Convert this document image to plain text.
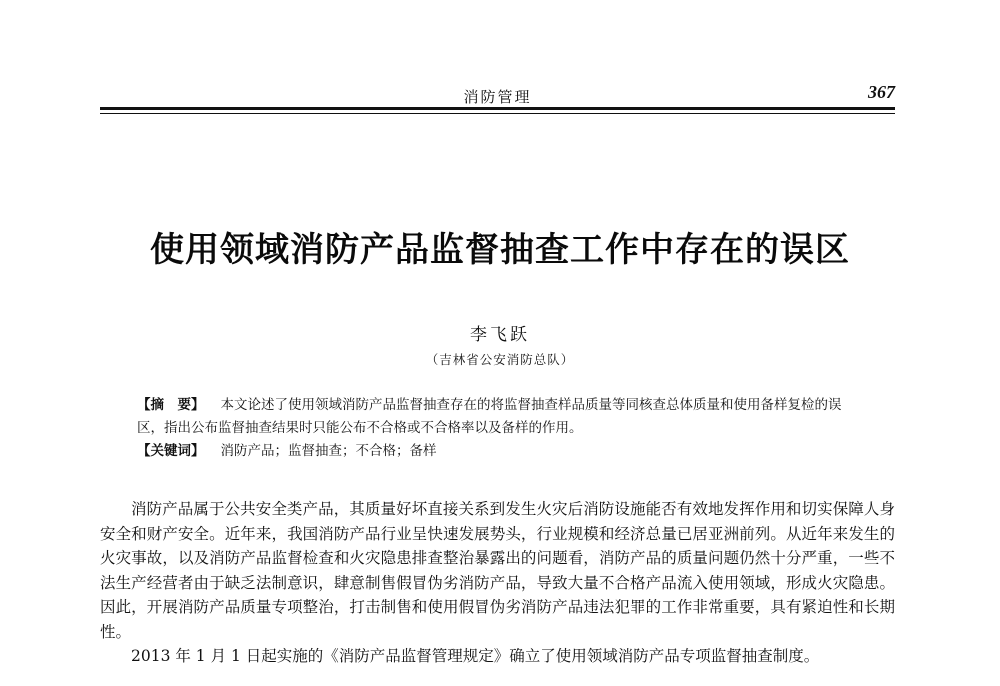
消防管理	367
使用领域消防产品监督抽查工作中存在的误区
李飞跃
（吉林省公安消防总队）
【摘　要】 本文论述了使用领域消防产品监督抽查存在的将监督抽查样品质量等同核查总体质量和使用备样复检的误区，指出公布监督抽查结果时只能公布不合格或不合格率以及备样的作用。
【关键词】 消防产品；监督抽查；不合格；备样

消防产品属于公共安全类产品，其质量好坏直接关系到发生火灾后消防设施能否有效地发挥作用和切实保障人身安全和财产安全。近年来，我国消防产品行业呈快速发展势头，行业规模和经济总量已居亚洲前列。从近年来发生的火灾事故，以及消防产品监督检查和火灾隐患排查整治暴露出的问题看，消防产品的质量问题仍然十分严重，一些不法生产经营者由于缺乏法制意识，肆意制售假冒伪劣消防产品，导致大量不合格产品流入使用领域，形成火灾隐患。因此，开展消防产品质量专项整治，打击制售和使用假冒伪劣消防产品违法犯罪的工作非常重要，具有紧迫性和长期性。

2013 年 1 月 1 日起实施的《消防产品监督管理规定》确立了使用领域消防产品专项监督抽查制度。
